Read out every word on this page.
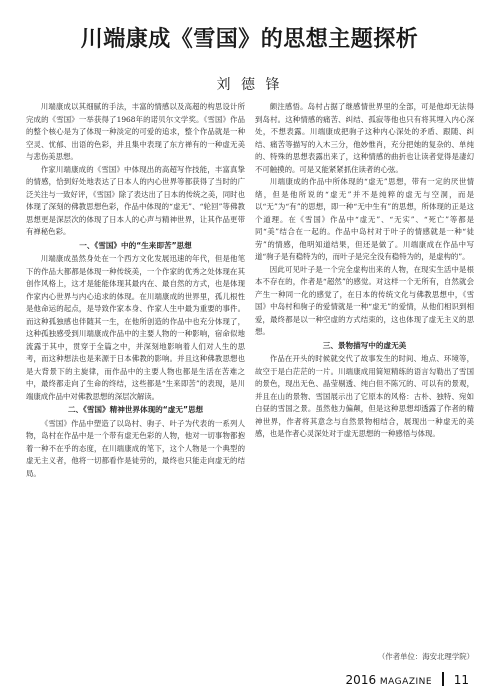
川端康成《雪国》的思想主题探析
刘 德 锋

川端康成以其细腻的手法，丰富的情感以及高超的构思设计所完成的《雪国》一举获得了1968年的诺贝尔文学奖。《雪国》作品的整个核心是为了体现一种淡定的可爱的追求，整个作品就是一种空灵、忧郁、出语的色彩，并且集中表现了东方禅有的一种虚无美与悲伤美思想。

作家川端康成的《雪国》中体现出的高超写作技能，丰富真挚的情感，恰到好处地表达了日本人的内心世界等都获得了当时的广泛关注与一致好评，《雪国》除了表达出了日本的传统之美，同时也体现了深刻的佛教思想色彩，作品中体现的“虚无”、“轮回”等佛教思想更是深层次的体现了日本人的心声与精神世界，让其作品更带有禅秘色彩。

一、《雪国》中的“生来即苦”思想

川端康成虽然身处在一个西方文化发展迅速的年代，但是他笔下的作品大都都是体现一种传统美，一个作家的优秀之处体现在其创作风格上，这才是能能体现其最内在、最自然的方式，也是体现作家内心世界与内心追求的体现。在川端康成的世界里，孤儿根性是他命运的起点，是导致作家本身、作家人生中最为重要的事件。而这种孤独感也伴随其一生，在他所创造的作品中也充分体现了，这种孤独感受到川端康成作品中的主要人物的一种影响，宿命似地流露于其中，贯穿于全篇之中，并深刻地影响着人们对人生的思考，而这种想法也是来源于日本佛教的影响。并且这种佛教思想也是大背景下的主旋律，而作品中的主要人物也都是生活在苦难之中，最终都走向了生命的终结，这些都是“生来即苦”的表现，是川端康成作品中对佛教思想的深层次解读。

二、《雪国》精神世界体现的“虚无”思想

《雪国》作品中塑造了以岛村、驹子、叶子为代表的一系列人物，岛村在作品中是一个带有虚无色彩的人物，他对一切事物都抱着一种不在乎的态度，在川端康成的笔下，这个人物是一个典型的虚无主义者，他将一切都看作是徒劳的，最终也只能走向虚无的结局。

颇注感悟。岛村占据了继感情世界里的全部，可是他却无法得到岛村。这种情感的痛苦、纠结、孤寂等他也只有将其埋入内心深处，不想表露。川端康成把驹子这种内心深处的矛盾、跟随、纠结、痛苦等描写的入木三分，他妙惟肖，充分把她的复杂的、单纯的、特殊的思想表露出来了，这种情感的曲折也让读者觉得是凄幻不可触摸的。可是又能紧紧抓住读者的心弦。

川端康成的作品中所体现的“虚无”思想，带有一定的厌世情绪，但是他所说的“虚无”并不是纯粹的虚无与空洞，而是以“无”为“有”的思想，即一种“无中生有”的思想，所体现的正是这个道理。在《雪国》作品中“虚无”、“无实”、“死亡”等都是同“美”结合在一起的。作品中岛村对于叶子的情感就是一种“徒劳”的情感，他明知道结果，但还是做了。川端康成在作品中写道“驹子是有稳特为的，而叶子是完全没有稳特为的，是虚构的”。

因此可见叶子是一个完全虚构出来的人物，在现实生活中是根本不存在的，作者是“超然”的感觉。对这样一个无所有，自然就会产生一种同一化的感觉了，在日本的传统文化与佛教思想中，《雪国》中岛村和驹子的爱情就是一种“虚无”的爱情，从他们相识到相爱，最终都是以一种空虚的方式结束的，这也体现了虚无主义的思想。

三、景物描写中的虚无美

作品在开头的时候就交代了故事发生的时间、地点、环境等，故空于是白茫茫的一片。川端康成用简短精练的语言勾勒出了雪国的景色，现出无色、晶莹剔透、纯白但不陈冗的、可以有的景观，并且在山的景物、雪国展示出了它原本的风格：古朴、独特、宛如白昼的雪国之景。虽然他力偏颠，但是这种思想却透露了作者的精神世界，作者将其意念与自然景物相结合，展现出一种虚无的美感，也是作者心灵深处对于虚无思想的一种感悟与体现。

（作者单位：海安北理学院）
2016 MAGAZINE 11
